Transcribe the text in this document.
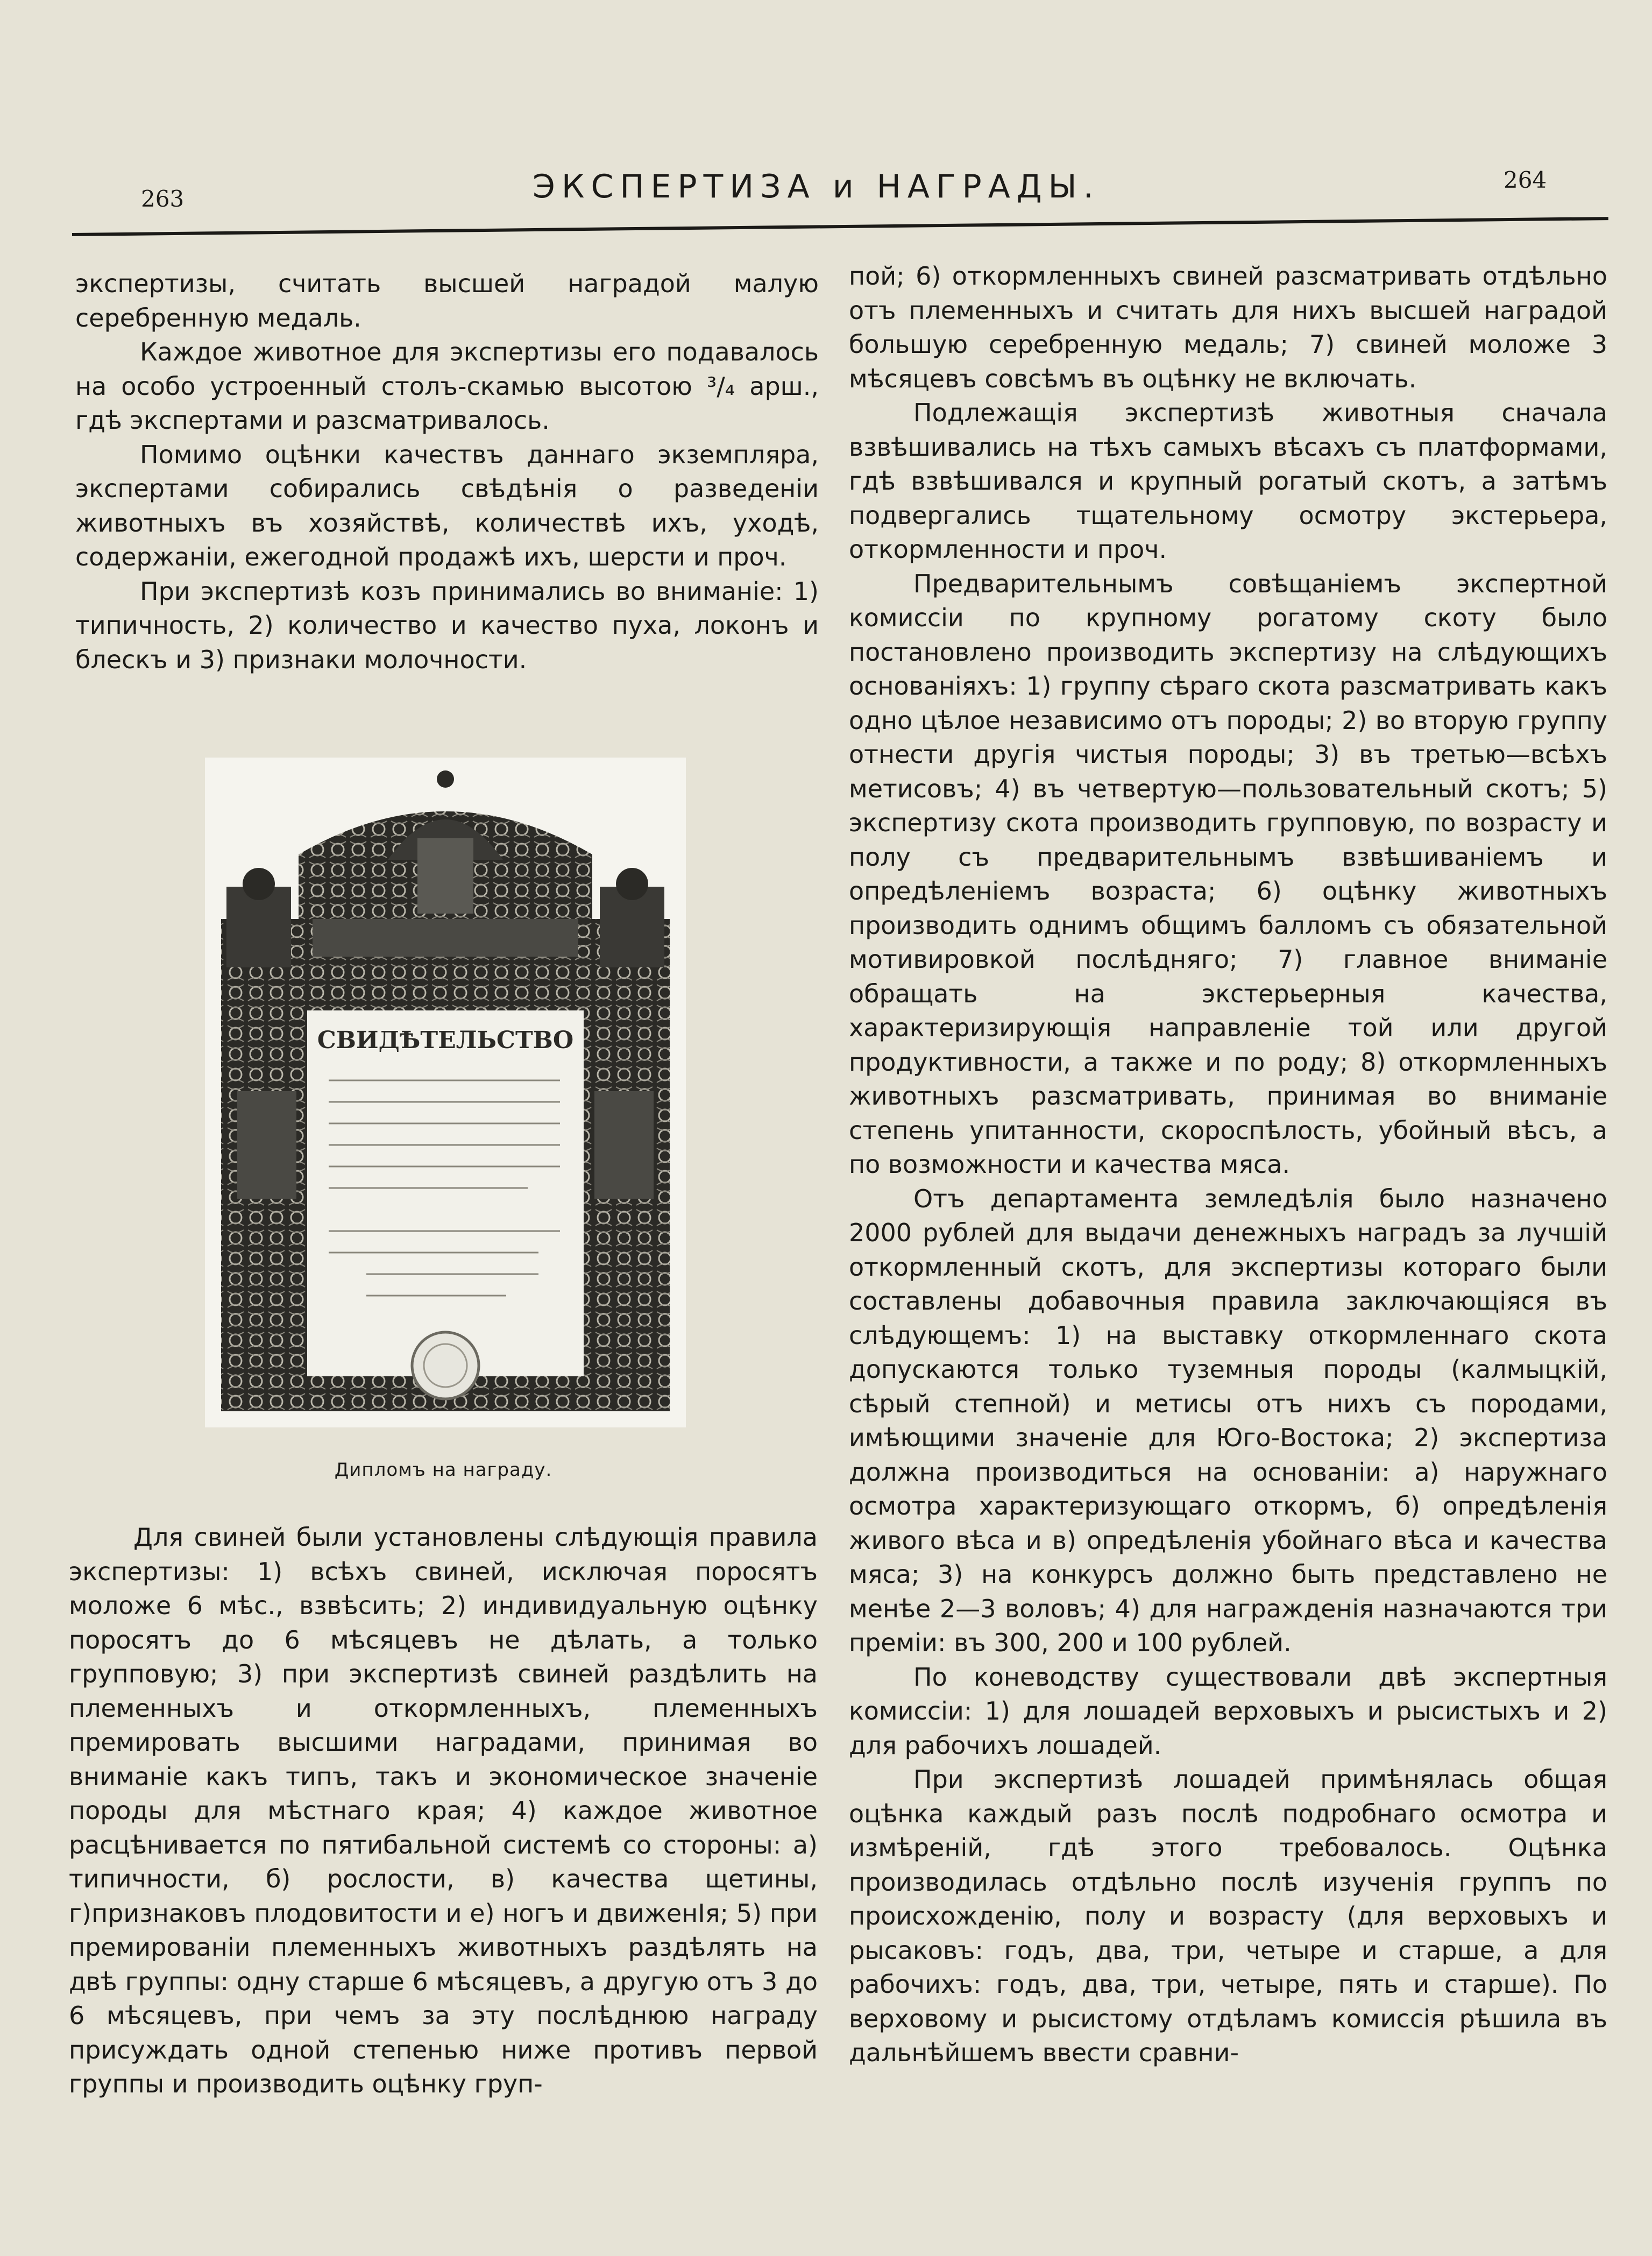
263	ЭКСПЕРТИЗА и НАГРАДЫ.	264

экспертизы, считать высшей наградой малую серебренную медаль.

Каждое животное для экспертизы его подавалось на особо устроенный столъ-скамью высотою ³/₄ арш., гдѣ экспертами и разсматривалось.

Помимо оцѣнки качествъ даннаго экземпляра, экспертами собирались свѣдѣнія о разведеніи животныхъ въ хозяйствѣ, количествѣ ихъ, уходѣ, содержаніи, ежегодной продажѣ ихъ, шерсти и проч.

При экспертизѣ козъ принимались во вниманіе: 1) типичность, 2) количество и качество пуха, локонъ и блескъ и 3) признаки молочности.

СВИДѢТЕЛЬСТВО
Дипломъ на награду.

Для свиней были установлены слѣдующія правила экспертизы: 1) всѣхъ свиней, исключая поросятъ моложе 6 мѣс., взвѣсить; 2) индивидуальную оцѣнку поросятъ до 6 мѣсяцевъ не дѣлать, а только групповую; 3) при экспертизѣ свиней раздѣлить на племенныхъ и откормленныхъ, племенныхъ премировать высшими наградами, принимая во вниманіе какъ типъ, такъ и экономическое значеніе породы для мѣстнаго края; 4) каждое животное расцѣнивается по пятибальной системѣ со стороны: а) типичности, б) рослости, в) качества щетины, г)признаковъ плодовитости и е) ногъ и движенІя; 5) при премированіи племенныхъ животныхъ раздѣлять на двѣ группы: одну старше 6 мѣсяцевъ, а другую отъ 3 до 6 мѣсяцевъ, при чемъ за эту послѣднюю награду присуждать одной степенью ниже противъ первой группы и производить оцѣнку груп-

пой; 6) откормленныхъ свиней разсматривать отдѣльно отъ племенныхъ и считать для нихъ высшей наградой большую серебренную медаль; 7) свиней моложе 3 мѣсяцевъ совсѣмъ въ оцѣнку не включать.

Подлежащія экспертизѣ животныя сначала взвѣшивались на тѣхъ самыхъ вѣсахъ съ платформами, гдѣ взвѣшивался и крупный рогатый скотъ, а затѣмъ подвергались тщательному осмотру экстерьера, откормленности и проч.

Предварительнымъ совѣщаніемъ экспертной комиссіи по крупному рогатому скоту было постановлено производить экспертизу на слѣдующихъ основаніяхъ: 1) группу сѣраго скота разсматривать какъ одно цѣлое независимо отъ породы; 2) во вторую группу отнести другія чистыя породы; 3) въ третью—всѣхъ метисовъ; 4) въ четвертую—пользовательный скотъ; 5) экспертизу скота производить групповую, по возрасту и полу съ предварительнымъ взвѣшиваніемъ и опредѣленіемъ возраста; 6) оцѣнку животныхъ производить однимъ общимъ балломъ съ обязательной мотивировкой послѣдняго; 7) главное вниманіе обращать на экстерьерныя качества, характеризирующія направленіе той или другой продуктивности, а также и по роду; 8) откормленныхъ животныхъ разсматривать, принимая во вниманіе степень упитанности, скороспѣлость, убойный вѣсъ, а по возможности и качества мяса.

Отъ департамента земледѣлія было назначено 2000 рублей для выдачи денежныхъ наградъ за лучшій откормленный скотъ, для экспертизы котораго были составлены добавочныя правила заключающіяся въ слѣдующемъ: 1) на выставку откормленнаго скота допускаются только туземныя породы (калмыцкій, сѣрый степной) и метисы отъ нихъ съ породами, имѣющими значеніе для Юго-Востока; 2) экспертиза должна производиться на основаніи: а) наружнаго осмотра характеризующаго откормъ, б) опредѣленія живого вѣса и в) опредѣленія убойнаго вѣса и качества мяса; 3) на конкурсъ должно быть представлено не менѣе 2—3 воловъ; 4) для награжденія назначаются три преміи: въ 300, 200 и 100 рублей.

По коневодству существовали двѣ экспертныя комиссіи: 1) для лошадей верховыхъ и рысистыхъ и 2) для рабочихъ лошадей.

При экспертизѣ лошадей примѣнялась общая оцѣнка каждый разъ послѣ подробнаго осмотра и измѣреній, гдѣ этого требовалось. Оцѣнка производилась отдѣльно послѣ изученія группъ по происхожденію, полу и возрасту (для верховыхъ и рысаковъ: годъ, два, три, четыре и старше, а для рабочихъ: годъ, два, три, четыре, пять и старше). По верховому и рысистому отдѣламъ комиссія рѣшила въ дальнѣйшемъ ввести сравни-
